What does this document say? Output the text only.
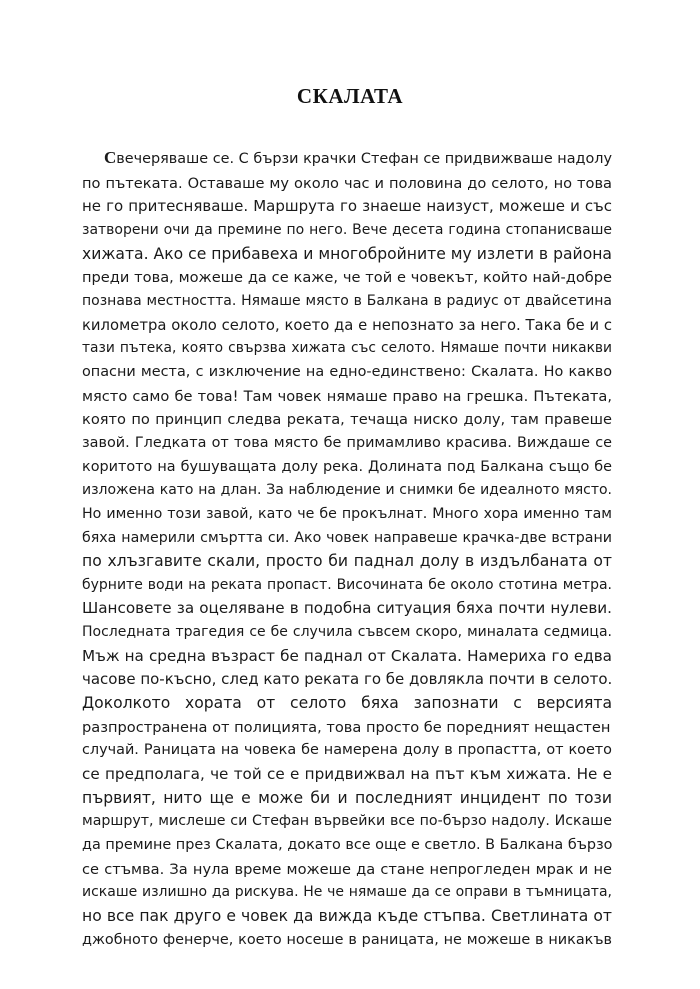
СКАЛАТА
Свечеряваше се. С бързи крачки Стефан се придвижваше надолу
по пътеката. Оставаше му около час и половина до селото, но това
не го притесняваше. Маршрута го знаеше наизуст, можеше и със
затворени очи да премине по него. Вече десета година стопанисваше
хижата. Ако се прибавеха и многобройните му излети в района
преди това, можеше да се каже, че той е човекът, който най-добре
познава местността. Нямаше място в Балкана в радиус от двайсетина
километра около селото, което да е непознато за него. Така бе и с
тази пътека, която свързва хижата със селото. Нямаше почти никакви
опасни места, с изключение на едно-единствено: Скалата. Но какво
място само бе това! Там човек нямаше право на грешка. Пътеката,
която по принцип следва реката, течаща ниско долу, там правеше
завой. Гледката от това място бе примамливо красива. Виждаше се
коритото на бушуващата долу река. Долината под Балкана също бе
изложена като на длан. За наблюдение и снимки бе идеалното място.
Но именно този завой, като че бе прокълнат. Много хора именно там
бяха намерили смъртта си. Ако човек направеше крачка-две встрани
по хлъзгавите скали, просто би паднал долу в издълбаната от
бурните води на реката пропаст. Височината бе около стотина метра.
Шансовете за оцеляване в подобна ситуация бяха почти нулеви.
Последната трагедия се бе случила съвсем скоро, миналата седмица.
Мъж на средна възраст бе паднал от Скалата. Намериха го едва
часове по-късно, след като реката го бе довлякла почти в селото.
Доколкото хората от селото бяха запознати с версията
разпространена от полицията, това просто бе поредният нещастен
случай. Раницата на човека бе намерена долу в пропастта, от което
се предполага, че той се е придвижвал на път към хижата. Не е
първият, нито ще е може би и последният инцидент по този
маршрут, мислеше си Стефан вървейки все по-бързо надолу. Искаше
да премине през Скалата, докато все още е светло. В Балкана бързо
се стъмва. За нула време можеше да стане непрогледен мрак и не
искаше излишно да рискува. Не че нямаше да се оправи в тъмницата,
но все пак друго е човек да вижда къде стъпва. Светлината от
джобното фенерче, което носеше в раницата, не можеше в никакъв
